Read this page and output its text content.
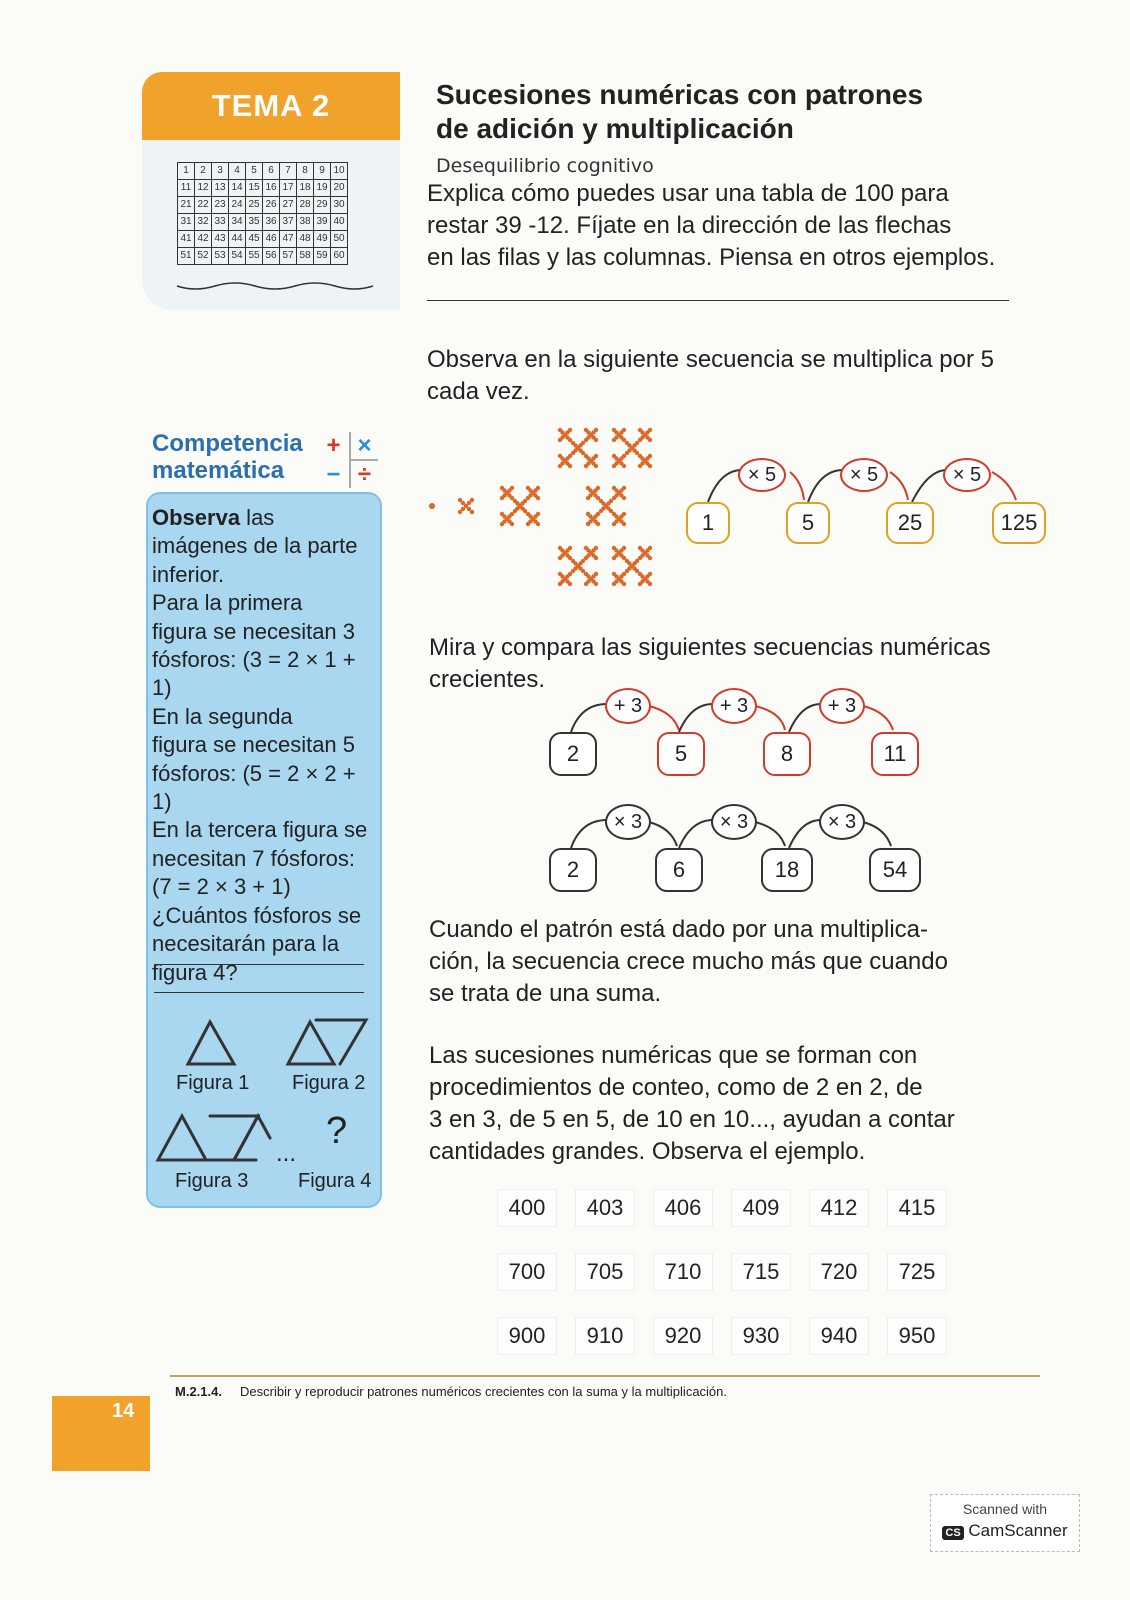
TEMA 2
1	2	3	4	5	6	7	8	9	10
11	12	13	14	15	16	17	18	19	20
21	22	23	24	25	26	27	28	29	30
31	32	33	34	35	36	37	38	39	40
41	42	43	44	45	46	47	48	49	50
51	52	53	54	55	56	57	58	59	60
Sucesiones numéricas con patrones
de adición y multiplicación
Desequilibrio cognitivo
Explica cómo puedes usar una tabla de 100 para
restar 39 -12. Fíjate en la dirección de las flechas
en las filas y las columnas. Piensa en otros ejemplos.
Observa en la siguiente secuencia se multiplica por 5
cada vez.
× 5	× 5	× 5
1	5	25	125
Mira y compara las siguientes secuencias numéricas
crecientes.
+ 3	+ 3	+ 3
2	5	8	11
× 3	× 3	× 3
2	6	18	54
Cuando el patrón está dado por una multiplica-
ción, la secuencia crece mucho más que cuando
se trata de una suma.
Las sucesiones numéricas que se forman con
procedimientos de conteo, como de 2 en 2, de
3 en 3, de 5 en 5, de 10 en 10..., ayudan a contar
cantidades grandes. Observa el ejemplo.
400	403	406	409	412	415
700	705	710	715	720	725
900	910	920	930	940	950
Competencia
matemática
+ ×
− ÷
Observa las
imágenes de la parte
inferior.
Para la primera
figura se necesitan 3
fósforos: (3 = 2 × 1 + 1)
En la segunda
figura se necesitan 5
fósforos: (5 = 2 × 2 + 1)
En la tercera figura se
necesitan 7 fósforos:
(7 = 2 × 3 + 1)
¿Cuántos fósforos se
necesitarán para la
figura 4?
Figura 1 Figura 2
...
?
Figura 3 Figura 4
M.2.1.4. Describir y reproducir patrones numéricos crecientes con la suma y la multiplicación.
14
Scanned with
CS CamScanner
